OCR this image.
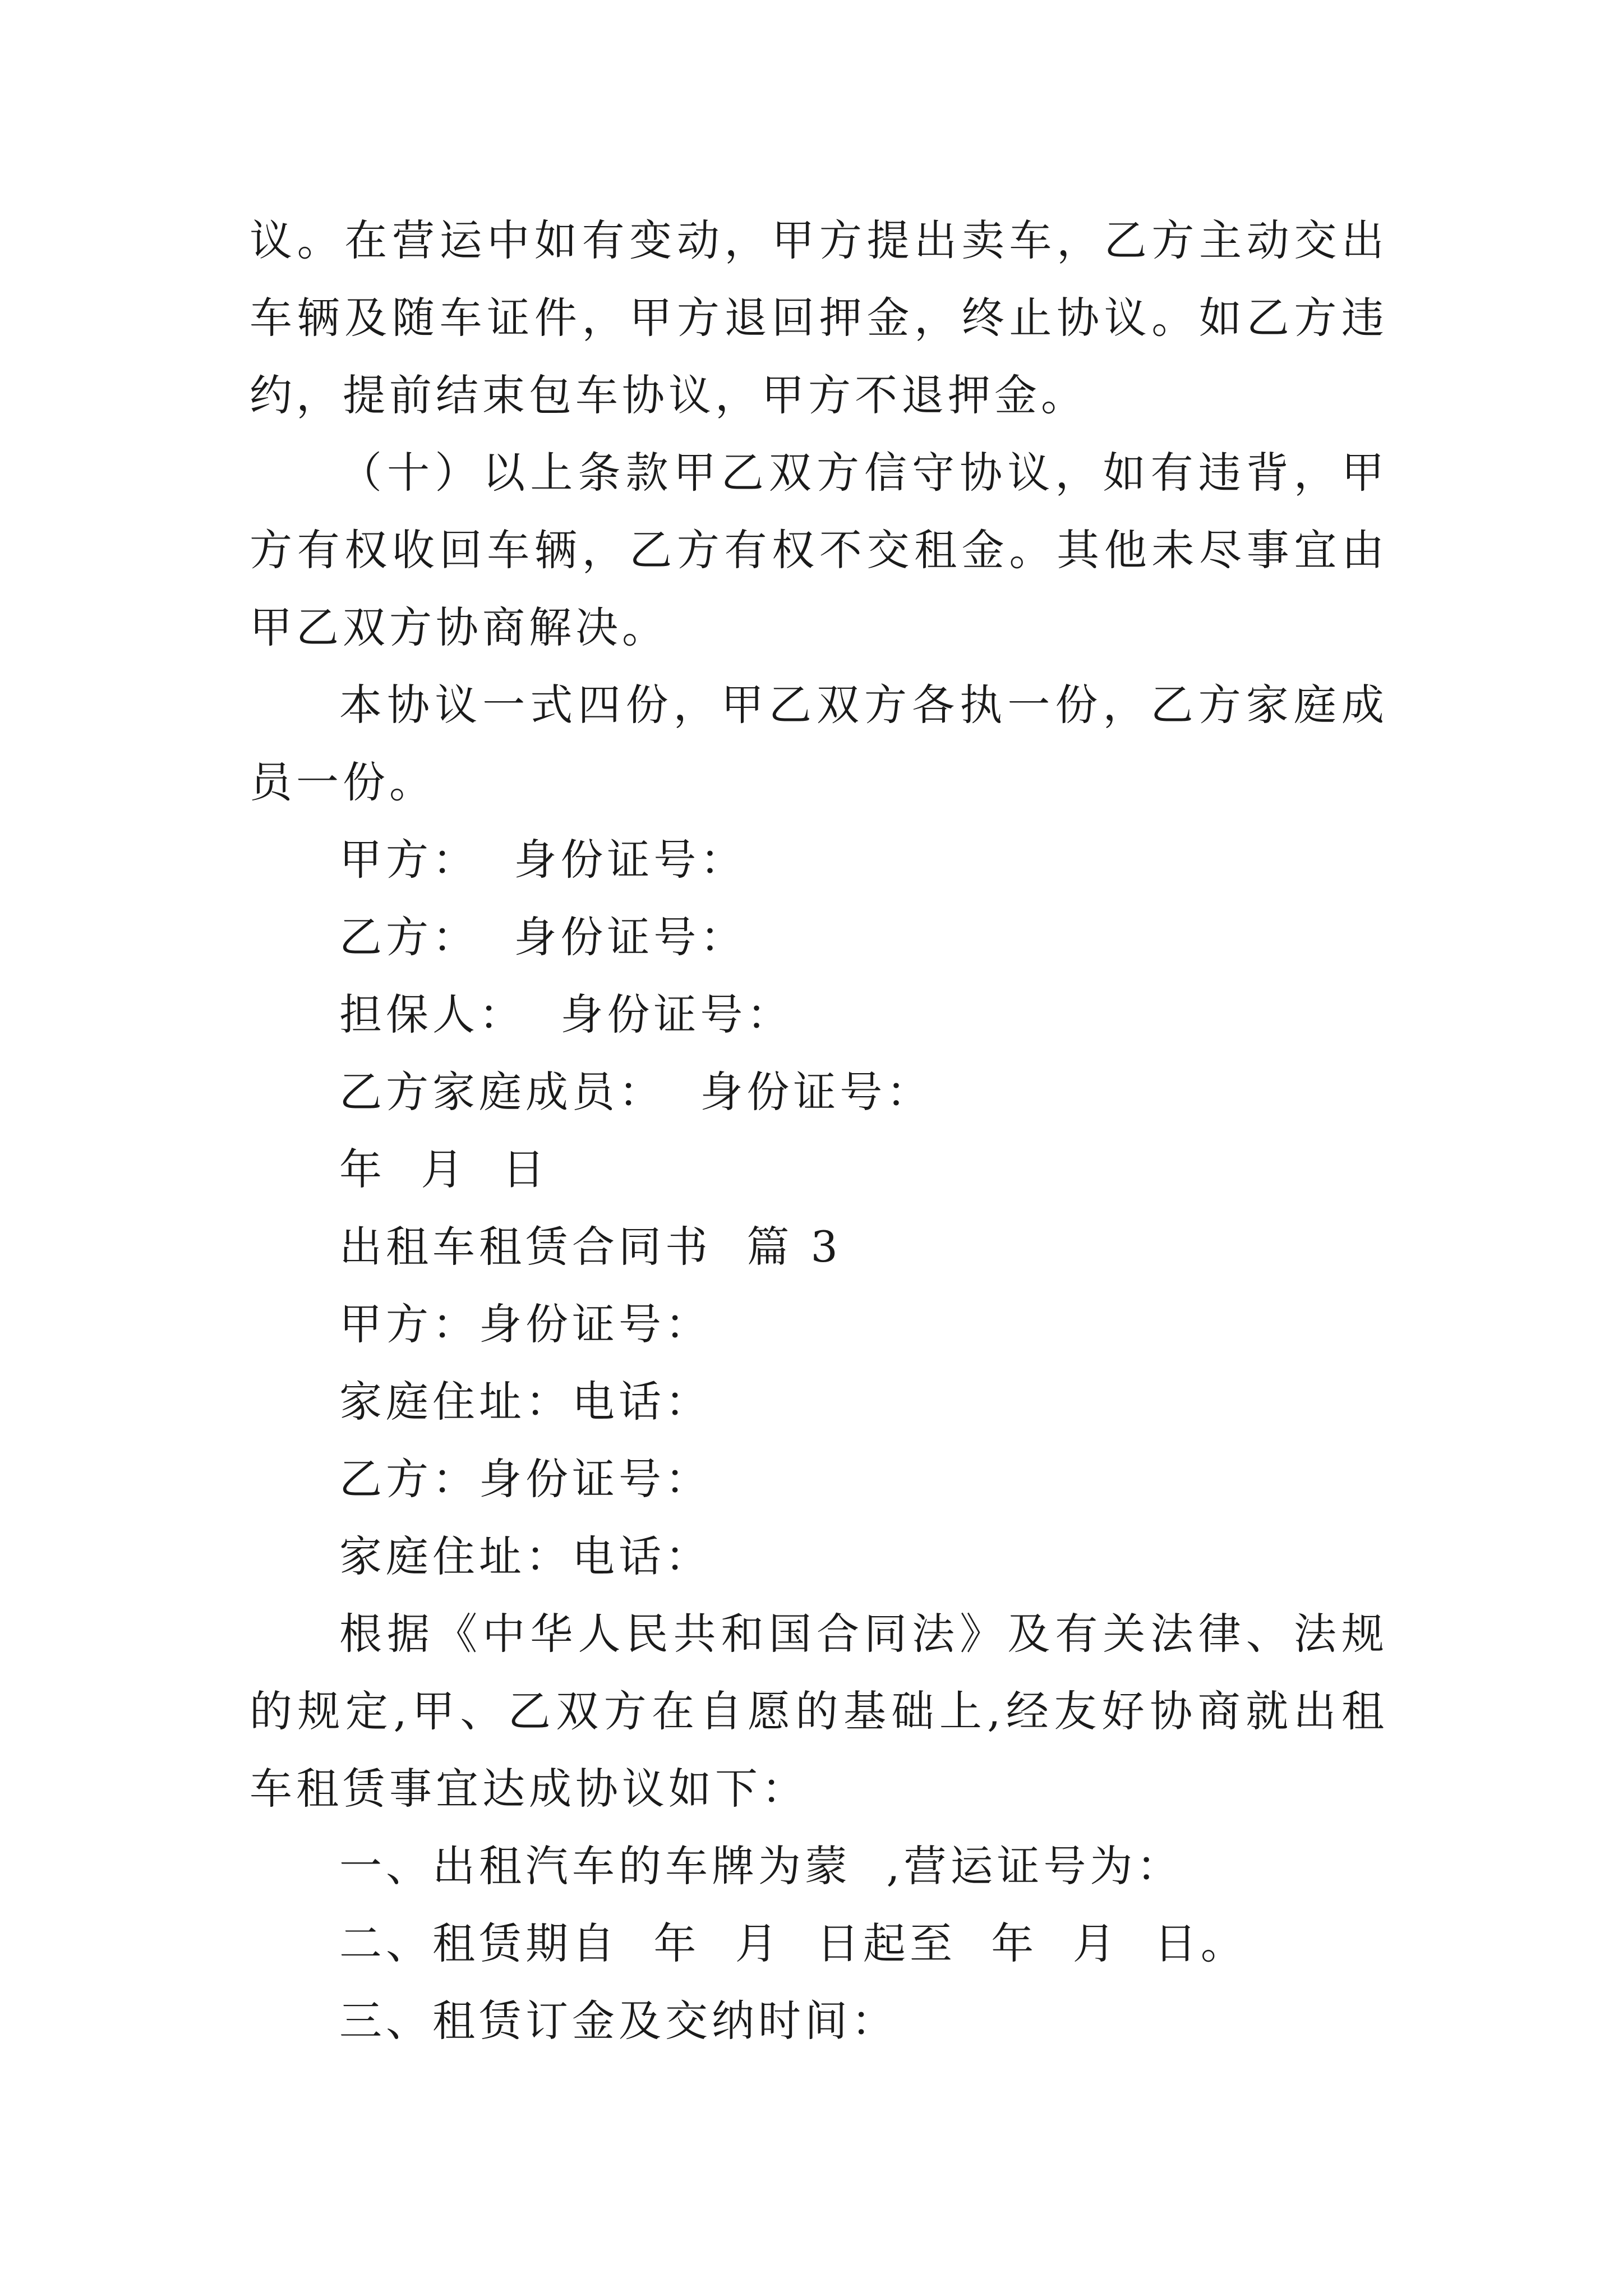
议。在营运中如有变动，甲方提出卖车，乙方主动交出车辆及随车证件，甲方退回押金，终止协议。如乙方违约，提前结束包车协议，甲方不退押金。

（十）以上条款甲乙双方信守协议，如有违背，甲方有权收回车辆，乙方有权不交租金。其他未尽事宜由甲乙双方协商解决。

本协议一式四份，甲乙双方各执一份，乙方家庭成员一份。

甲方：  身份证号：
乙方：  身份证号：
担保人：  身份证号：
乙方家庭成员：  身份证号：
年  月  日
出租车租赁合同书  篇 3
甲方：身份证号：
家庭住址：电话：
乙方：身份证号：
家庭住址：电话：

根据《中华人民共和国合同法》及有关法律、法规的规定,甲、乙双方在自愿的基础上,经友好协商就出租车租赁事宜达成协议如下：

一、出租汽车的车牌为蒙  ,营运证号为：
二、租赁期自  年  月  日起至  年  月  日。
三、租赁订金及交纳时间：
